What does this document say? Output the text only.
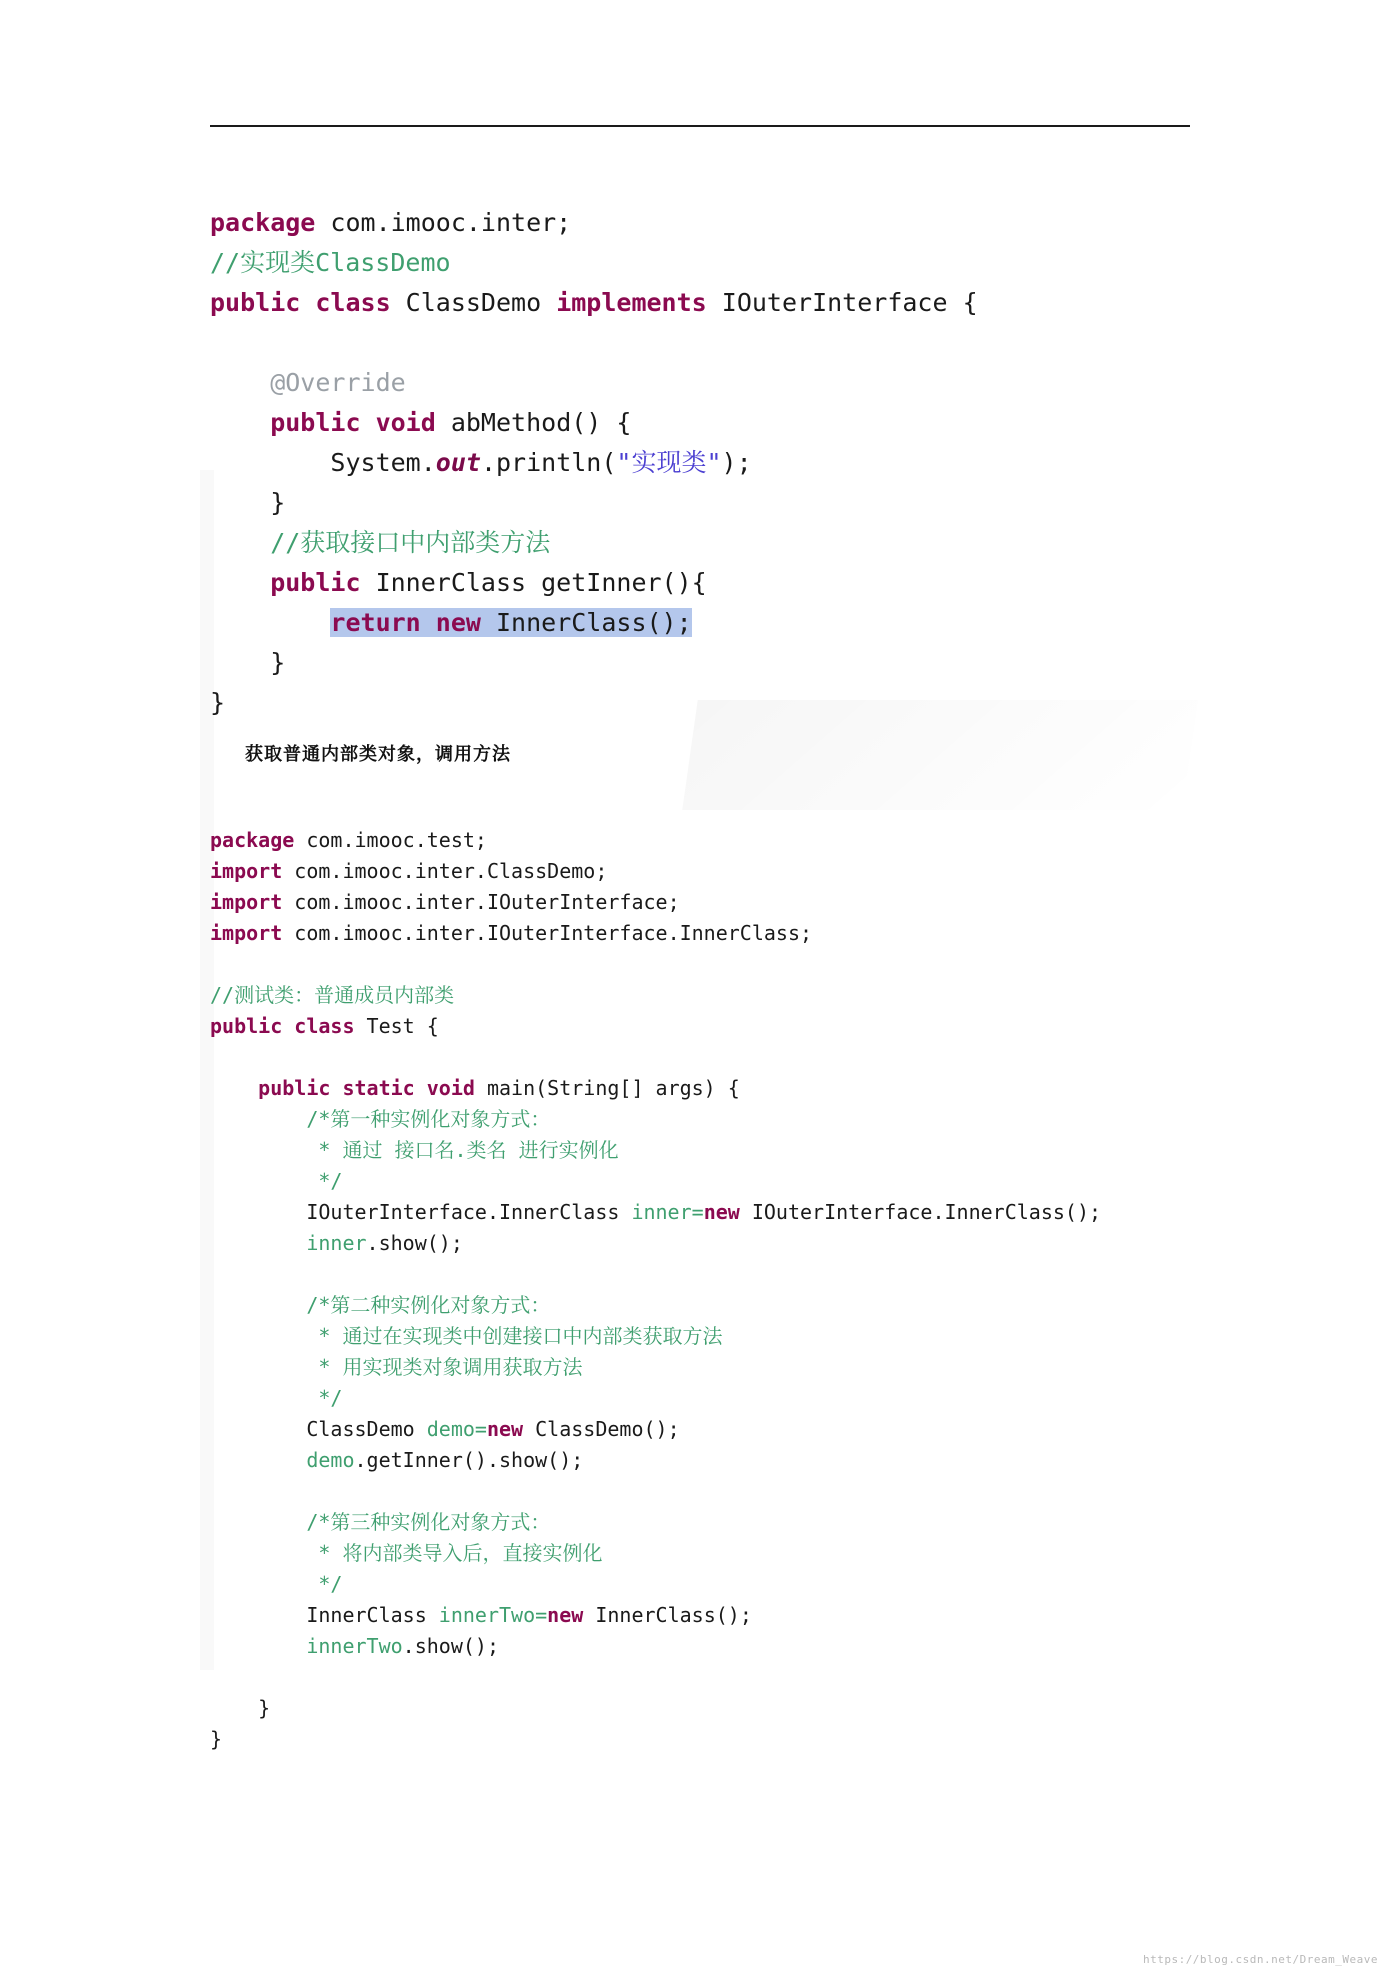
package com.imooc.inter;
//实现类ClassDemo
public class ClassDemo implements IOuterInterface {

@Override
public void abMethod() {
System.out.println("实现类");
}
//获取接口中内部类方法
public InnerClass getInner(){
return new InnerClass();
}
}
获取普通内部类对象，调用方法
package com.imooc.test;
import com.imooc.inter.ClassDemo;
import com.imooc.inter.IOuterInterface;
import com.imooc.inter.IOuterInterface.InnerClass;

//测试类：普通成员内部类
public class Test {

public static void main(String[] args) {
/*第一种实例化对象方式：
* 通过 接口名.类名 进行实例化
*/
IOuterInterface.InnerClass inner=new IOuterInterface.InnerClass();
inner.show();

/*第二种实例化对象方式：
* 通过在实现类中创建接口中内部类获取方法
* 用实现类对象调用获取方法
*/
ClassDemo demo=new ClassDemo();
demo.getInner().show();

/*第三种实例化对象方式：
* 将内部类导入后，直接实例化
*/
InnerClass innerTwo=new InnerClass();
innerTwo.show();

}
}
https://blog.csdn.net/Dream_Weave
